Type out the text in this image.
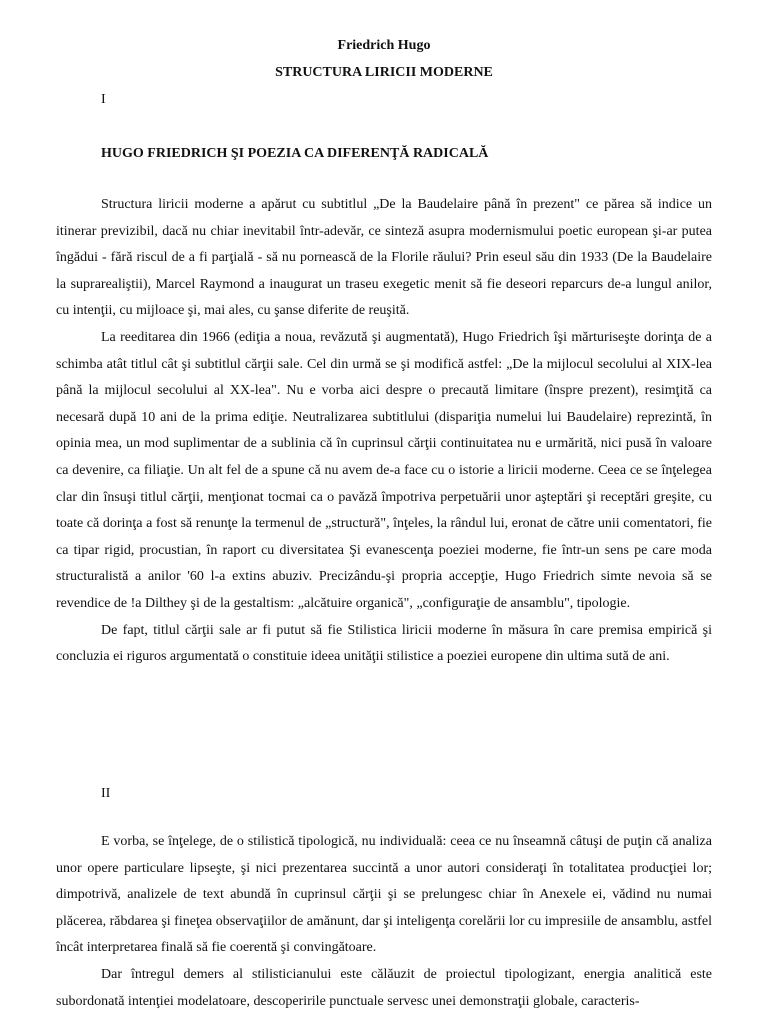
Friedrich Hugo
STRUCTURA LIRICII MODERNE
I
HUGO FRIEDRICH ŞI POEZIA CA DIFERENŢĂ RADICALĂ

Structura liricii moderne a apărut cu subtitlul „De la Baudelaire până în prezent" ce părea să indice un itinerar previzibil, dacă nu chiar inevitabil într-adevăr, ce sinteză asupra modernismului poetic european şi-ar putea îngădui - fără riscul de a fi parţială - să nu pornească de la Florile răului? Prin eseul său din 1933 (De la Baudelaire la suprarealiştii), Marcel Raymond a inaugurat un traseu exegetic menit să fie deseori reparcurs de-a lungul anilor, cu intenţii, cu mijloace şi, mai ales, cu şanse diferite de reuşită.

La reeditarea din 1966 (ediţia a noua, revăzută şi augmentată), Hugo Friedrich îşi mărturiseşte dorinţa de a schimba atât titlul cât şi subtitlul cărţii sale. Cel din urmă se şi modifică astfel: „De la mijlocul secolului al XIX-lea până la mijlocul secolului al XX-lea". Nu e vorba aici despre o precaută limitare (înspre prezent), resimţită ca necesară după 10 ani de la prima ediţie. Neutralizarea subtitlului (dispariţia numelui lui Baudelaire) reprezintă, în opinia mea, un mod suplimentar de a sublinia că în cuprinsul cărţii continuitatea nu e urmărită, nici pusă în valoare ca devenire, ca filiaţie. Un alt fel de a spune că nu avem de-a face cu o istorie a liricii moderne. Ceea ce se înţelegea clar din însuşi titlul cărţii, menţionat tocmai ca o pavăză împotriva perpetuării unor aşteptări şi receptări greşite, cu toate că dorinţa a fost să renunţe la termenul de „structură", înţeles, la rândul lui, eronat de către unii comentatori, fie ca tipar rigid, procustian, în raport cu diversitatea Şi evanescenţa poeziei moderne, fie într-un sens pe care moda structuralistă a anilor '60 l-a extins abuziv. Precizându-şi propria accepţie, Hugo Friedrich simte nevoia să se revendice de !a Dilthey şi de la gestaltism: „alcătuire organică", „configuraţie de ansamblu", tipologie.

De fapt, titlul cărţii sale ar fi putut să fie Stilistica liricii moderne în măsura în care premisa empirică şi concluzia ei riguros argumentată o constituie ideea unităţii stilistice a poeziei europene din ultima sută de ani.

II

E vorba, se înţelege, de o stilistică tipologică, nu individuală: ceea ce nu înseamnă câtuşi de puţin că analiza unor opere particulare lipseşte, şi nici prezentarea succintă a unor autori consideraţi în totalitatea producţiei lor; dimpotrivă, analizele de text abundă în cuprinsul cărţii şi se prelungesc chiar în Anexele ei, vădind nu numai plăcerea, răbdarea şi fineţea observaţiilor de amănunt, dar şi inteligenţa corelării lor cu impresiile de ansamblu, astfel încât interpretarea finală să fie coerentă şi convingătoare.

Dar întregul demers al stilisticianului este călăuzit de proiectul tipologizant, energia analitică este subordonată intenţiei modelatoare, descoperirile punctuale servesc unei demonstraţii globale, caracteris-
